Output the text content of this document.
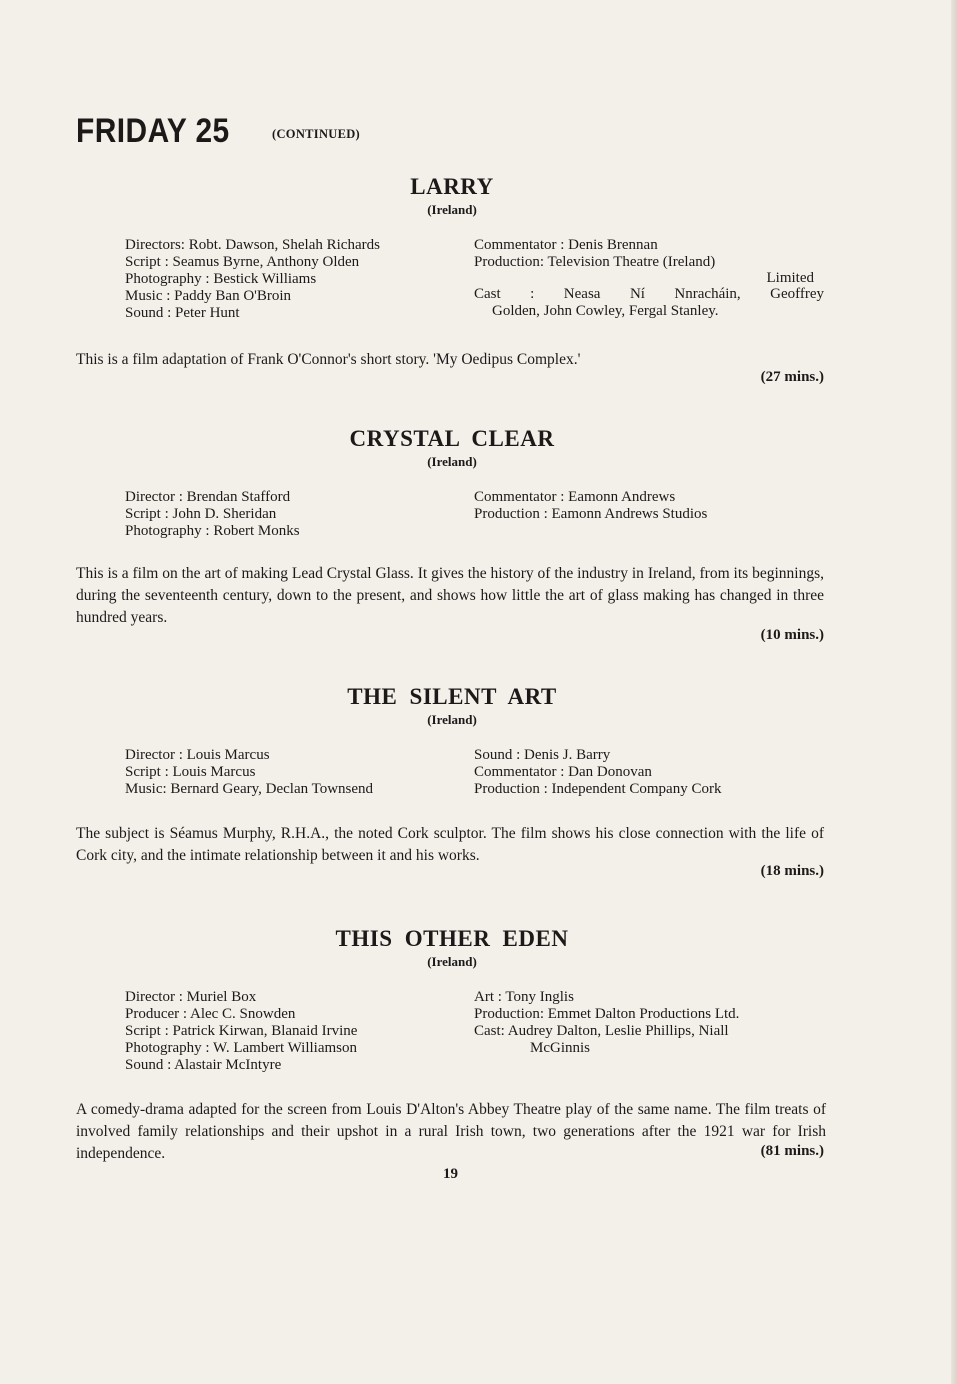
FRIDAY 25	(CONTINUED)
LARRY
(Ireland)
Directors: Robt. Dawson, Shelah Richards
Script : Seamus Byrne, Anthony Olden
Photography : Bestick Williams
Music : Paddy Ban O'Broin
Sound : Peter Hunt
Commentator : Denis Brennan
Production: Television Theatre (Ireland)
Limited
Cast : Neasa Ní Nnracháin, Geoffrey
Golden, John Cowley, Fergal Stanley.
This is a film adaptation of Frank O'Connor's short story. 'My Oedipus Complex.'
(27 mins.)
CRYSTAL CLEAR
(Ireland)
Director : Brendan Stafford
Script : John D. Sheridan
Photography : Robert Monks
Commentator : Eamonn Andrews
Production : Eamonn Andrews Studios
This is a film on the art of making Lead Crystal Glass. It gives the history of the industry in Ireland, from its beginnings, during the seventeenth century, down to the present, and shows how little the art of glass making has changed in three hundred years.
(10 mins.)
THE SILENT ART
(Ireland)
Director : Louis Marcus
Script : Louis Marcus
Music: Bernard Geary, Declan Townsend
Sound : Denis J. Barry
Commentator : Dan Donovan
Production : Independent Company Cork
The subject is Séamus Murphy, R.H.A., the noted Cork sculptor. The film shows his close connection with the life of Cork city, and the intimate relationship between it and his works.
(18 mins.)
THIS OTHER EDEN
(Ireland)
Director : Muriel Box
Producer : Alec C. Snowden
Script : Patrick Kirwan, Blanaid Irvine
Photography : W. Lambert Williamson
Sound : Alastair McIntyre
Art : Tony Inglis
Production: Emmet Dalton Productions Ltd.
Cast: Audrey Dalton, Leslie Phillips, Niall
McGinnis
A comedy-drama adapted for the screen from Louis D'Alton's Abbey Theatre play of the same name. The film treats of involved family relationships and their upshot in a rural Irish town, two generations after the 1921 war for Irish independence.	(81 mins.)
19
